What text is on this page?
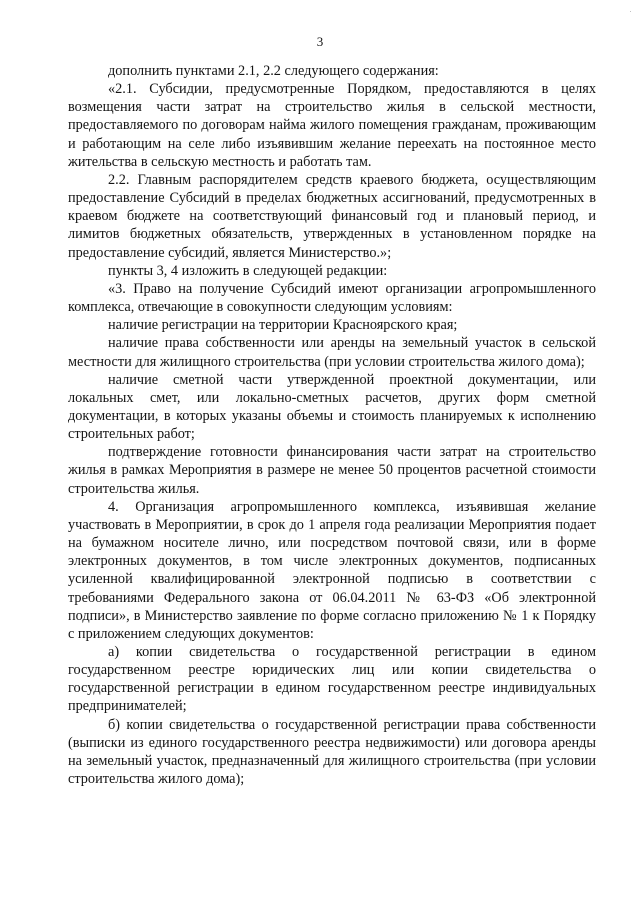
·
3

дополнить пунктами 2.1, 2.2 следующего содержания:

«2.1. Субсидии, предусмотренные Порядком, предоставляются в целях возмещения части затрат на строительство жилья в сельской местности, предоставляемого по договорам найма жилого помещения гражданам, проживающим и работающим на селе либо изъявившим желание переехать на постоянное место жительства в сельскую местность и работать там.

2.2. Главным распорядителем средств краевого бюджета, осуществляющим предоставление Субсидий в пределах бюджетных ассигнований, предусмотренных в краевом бюджете на соответствующий финансовый год и плановый период, и лимитов бюджетных обязательств, утвержденных в установленном порядке на предоставление субсидий, является Министерство.»;

пункты 3, 4 изложить в следующей редакции:

«3. Право на получение Субсидий имеют организации агропромышленного комплекса, отвечающие в совокупности следующим условиям:

наличие регистрации на территории Красноярского края;

наличие права собственности или аренды на земельный участок в сельской местности для жилищного строительства (при условии строительства жилого дома);

наличие сметной части утвержденной проектной документации, или локальных смет, или локально-сметных расчетов, других форм сметной документации, в которых указаны объемы и стоимость планируемых к исполнению строительных работ;

подтверждение готовности финансирования части затрат на строительство жилья в рамках Мероприятия в размере не менее 50 процентов расчетной стоимости строительства жилья.

4. Организация агропромышленного комплекса, изъявившая желание участвовать в Мероприятии, в срок до 1 апреля года реализации Мероприятия подает на бумажном носителе лично, или посредством почтовой связи, или в форме электронных документов, в том числе электронных документов, подписанных усиленной квалифицированной электронной подписью в соответствии с требованиями Федерального закона от 06.04.2011 № 63-ФЗ «Об электронной подписи», в Министерство заявление по форме согласно приложению № 1 к Порядку с приложением следующих документов:

а) копии свидетельства о государственной регистрации в едином государственном реестре юридических лиц или копии свидетельства о государственной регистрации в едином государственном реестре индивидуальных предпринимателей;

б) копии свидетельства о государственной регистрации права собственности (выписки из единого государственного реестра недвижимости) или договора аренды на земельный участок, предназначенный для жилищного строительства (при условии строительства жилого дома);
